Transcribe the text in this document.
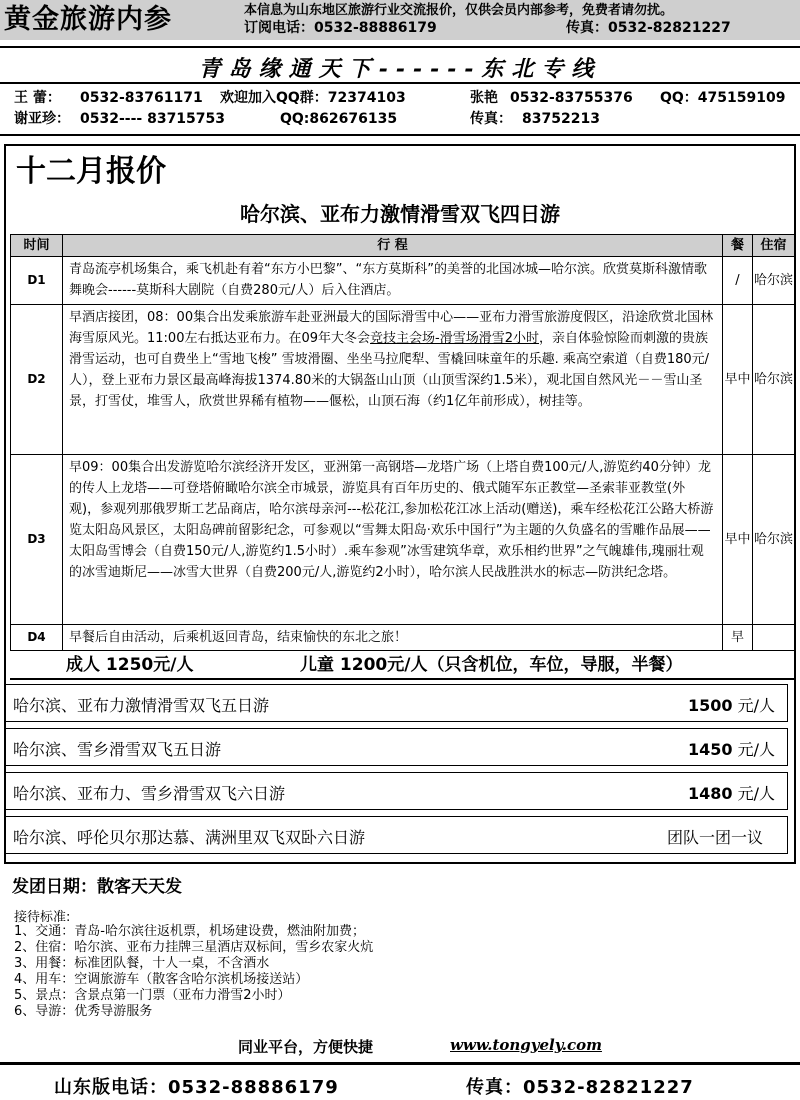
黄金旅游内参	本信息为山东地区旅游行业交流报价，仅供会员内部参考，免费者请勿扰。
订阅电话：0532-88886179	传真：0532-82821227
青岛缘通天下------东北专线
王 蕾： 0532-83761171 欢迎加入QQ群：72374103	张艳 0532-83755376 QQ：475159109
谢亚珍： 0532---- 83715753	QQ:862676135	传真： 83752213
十二月报价
哈尔滨、亚布力激情滑雪双飞四日游
时间	行 程	餐	住宿
D1	青岛流亭机场集合，乘飞机赴有着“东方小巴黎”、“东方莫斯科”的美誉的北国冰城—哈尔滨。欣赏莫斯科激情歌舞晚会------莫斯科大剧院（自费280元/人）后入住酒店。	/	哈尔滨
D2	早酒店接团，08：00集合出发乘旅游车赴亚洲最大的国际滑雪中心——亚布力滑雪旅游度假区，沿途欣赏北国林海雪原风光。11:00左右抵达亚布力。在09年大冬会竞技主会场-滑雪场滑雪2小时，亲自体验惊险而刺激的贵族滑雪运动，也可自费坐上“雪地飞梭” 雪坡滑圈、坐坐马拉爬犁、雪橇回味童年的乐趣. 乘高空索道（自费180元/人），登上亚布力景区最高峰海拔1374.80米的大锅盔山山顶（山顶雪深约1.5米），观北国自然风光－－雪山圣景，打雪仗，堆雪人，欣赏世界稀有植物——偃松，山顶石海（约1亿年前形成），树挂等。	早中	哈尔滨
D3	早09：00集合出发游览哈尔滨经济开发区，亚洲第一高钢塔—龙塔广场（上塔自费100元/人,游览约40分钟）龙的传人上龙塔——可登塔俯瞰哈尔滨全市城景，游览具有百年历史的、俄式随军东正教堂—圣索菲亚教堂(外观)，参观列那俄罗斯工艺品商店，哈尔滨母亲河---松花江,参加松花江冰上活动(赠送)，乘车经松花江公路大桥游览太阳岛风景区，太阳岛碑前留影纪念，可参观以“雪舞太阳岛·欢乐中国行”为主题的久负盛名的雪雕作品展——太阳岛雪博会（自费150元/人,游览约1.5小时）.乘车参观”冰雪建筑华章，欢乐相约世界”之气魄雄伟,瑰丽壮观的冰雪迪斯尼——冰雪大世界（自费200元/人,游览约2小时），哈尔滨人民战胜洪水的标志—防洪纪念塔。	早中	哈尔滨
D4	早餐后自由活动，后乘机返回青岛，结束愉快的东北之旅！	早	
成人 1250元/人	儿童 1200元/人（只含机位，车位，导服，半餐）
哈尔滨、亚布力激情滑雪双飞五日游	1500 元/人
哈尔滨、雪乡滑雪双飞五日游	1450 元/人
哈尔滨、亚布力、雪乡滑雪双飞六日游	1480 元/人
哈尔滨、呼伦贝尔那达慕、满洲里双飞双卧六日游	团队一团一议
发团日期：散客天天发
接待标准:
1、交通：青岛-哈尔滨往返机票，机场建设费，燃油附加费；
2、住宿：哈尔滨、亚布力挂牌三星酒店双标间，雪乡农家火炕
3、用餐：标准团队餐，十人一桌，不含酒水
4、用车：空调旅游车（散客含哈尔滨机场接送站）
5、景点：含景点第一门票（亚布力滑雪2小时）
6、导游：优秀导游服务
同业平台，方便快捷	www.tongyely.com
山东版电话：0532-88886179	传真：0532-82821227
